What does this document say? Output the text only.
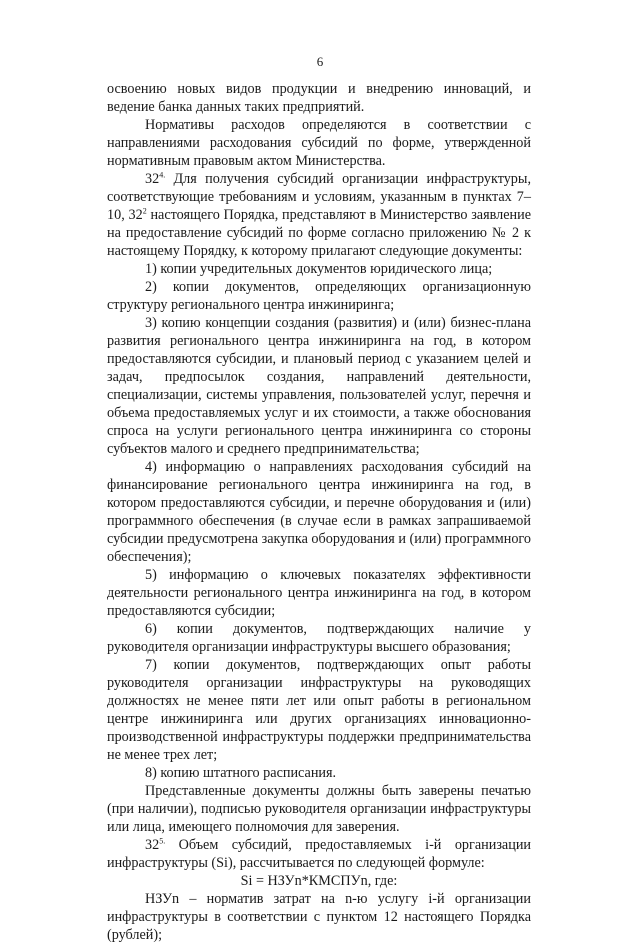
6

освоению новых видов продукции и внедрению инноваций, и ведение банка данных таких предприятий.

Нормативы расходов определяются в соответствии с направлениями расходования субсидий по форме, утвержденной нормативным правовым актом Министерства.

$32^{4.}$ Для получения субсидий организации инфраструктуры, соответствующие требованиям и условиям, указанным в пунктах 7–10, $32^2$ настоящего Порядка, представляют в Министерство заявление на предоставление субсидий по форме согласно приложению № 2 к настоящему Порядку, к которому прилагают следующие документы:

1) копии учредительных документов юридического лица;

2) копии документов, определяющих организационную структуру регионального центра инжиниринга;

3) копию концепции создания (развития) и (или) бизнес-плана развития регионального центра инжиниринга на год, в котором предоставляются субсидии, и плановый период с указанием целей и задач, предпосылок создания, направлений деятельности, специализации, системы управления, пользователей услуг, перечня и объема предоставляемых услуг и их стоимости, а также обоснования спроса на услуги регионального центра инжиниринга со стороны субъектов малого и среднего предпринимательства;

4) информацию о направлениях расходования субсидий на финансирование регионального центра инжиниринга на год, в котором предоставляются субсидии, и перечне оборудования и (или) программного обеспечения (в случае если в рамках запрашиваемой субсидии предусмотрена закупка оборудования и (или) программного обеспечения);

5) информацию о ключевых показателях эффективности деятельности регионального центра инжиниринга на год, в котором предоставляются субсидии;

6) копии документов, подтверждающих наличие у руководителя организации инфраструктуры высшего образования;

7) копии документов, подтверждающих опыт работы руководителя организации инфраструктуры на руководящих должностях не менее пяти лет или опыт работы в региональном центре инжиниринга или других организациях инновационно-производственной инфраструктуры поддержки предпринимательства не менее трех лет;

8) копию штатного расписания.

Представленные документы должны быть заверены печатью (при наличии), подписью руководителя организации инфраструктуры или лица, имеющего полномочия для заверения.

$32^{5.}$ Объем субсидий, предоставляемых i-й организации инфраструктуры (Si), рассчитывается по следующей формуле:

Si = НЗУn*КМСПУn, где:

НЗУn – норматив затрат на n-ю услугу i-й организации инфраструктуры в соответствии с пунктом 12 настоящего Порядка (рублей);
